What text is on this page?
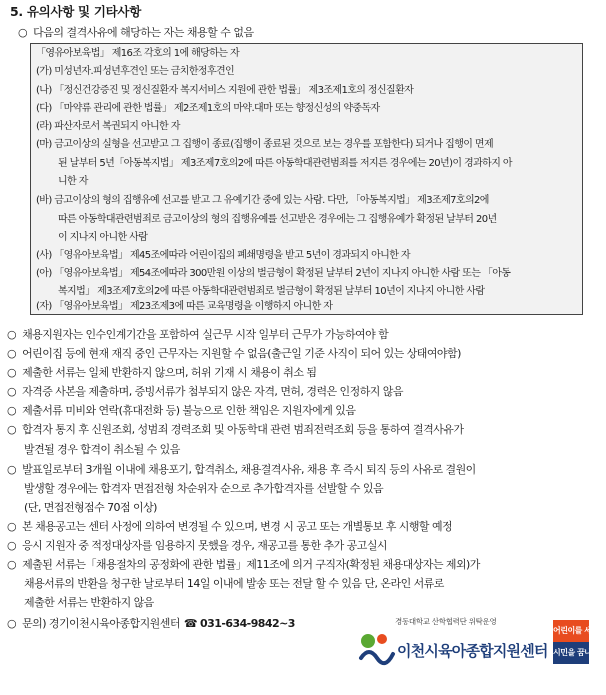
5. 유의사항 및 기타사항
○ 다음의 결격사유에 해당하는 자는 채용할 수 없음
「영유아보육법」 제16조 각호의 1에 해당하는 자
(가) 미성년자.피성년후견인 또는 금치한정후견인
(나) 「정신건강증진 및 정신질환자 복지서비스 지원에 관한 법률」 제3조제1호의 정신질환자
(다) 「마약류 관리에 관한 법률」 제2조제1호의 마약.대마 또는 향정신성의 약중독자
(라) 파산자로서 복권되지 아니한 자
(마) 금고이상의 실형을 선고받고 그 집행이 종료(집행이 종료된 것으로 보는 경우를 포함한다) 되거나 집행이 면제
된 날부터 5년「아동복지법」 제3조제7호의2에 따른 아동학대관련범죄를 저지른 경우에는 20년)이 경과하지 아
니한 자
(바) 금고이상의 형의 집행유예 선고를 받고 그 유예기간 중에 있는 사람. 다만, 「아동복지법」 제3조제7호의2에
따른 아동학대관련범죄로 금고이상의 형의 집행유예를 선고받은 경우에는 그 집행유예가 확정된 날부터 20년
이 지나지 아니한 사람
(사) 「영유아보육법」 제45조에따라 어린이집의 폐쇄명령을 받고 5년이 경과되지 아니한 자
(아) 「영유아보육법」 제54조에따라 300만원 이상의 벌금형이 확정된 날부터 2년이 지나지 아니한 사람 또는 「아동
복지법」 제3조제7호의2에 따른 아동학대관련범죄로 벌금형이 확정된 날부터 10년이 지나지 아니한 사람
(자) 「영유아보육법」 제23조제3에 따른 교육명령을 이행하지 아니한 자
○ 채용지원자는 인수인계기간을 포함하여 실근무 시작 일부터 근무가 가능하여야 함
○ 어린이집 등에 현재 재직 중인 근무자는 지원할 수 없음(출근일 기준 사직이 되어 있는 상태여야함)
○ 제출한 서류는 일체 반환하지 않으며, 허위 기재 시 채용이 취소 됨
○ 자격증 사본을 제출하며, 증빙서류가 첨부되지 않은 자격, 면허, 경력은 인정하지 않음
○ 제출서류 미비와 연락(휴대전화 등) 불능으로 인한 책임은 지원자에게 있음
○ 합격자 통지 후 신원조회, 성범죄 경력조회 및 아동학대 관련 범죄전력조회 등을 통하여 결격사유가
발견될 경우 합격이 취소될 수 있음
○ 발표일로부터 3개월 이내에 채용포기, 합격취소, 채용결격사유, 채용 후 즉시 퇴직 등의 사유로 결원이
발생할 경우에는 합격자 면접전형 차순위자 순으로 추가합격자를 선발할 수 있음
(단, 면접전형점수 70점 이상)
○ 본 채용공고는 센터 사정에 의하여 변경될 수 있으며, 변경 시 공고 또는 개별통보 후 시행할 예정
○ 응시 지원자 중 적정대상자를 임용하지 못했을 경우, 재공고를 통한 추가 공고실시
○ 제출된 서류는「채용절차의 공정화에 관한 법률」제11조에 의거 구직자(확정된 채용대상자는 제외)가
채용서류의 반환을 청구한 날로부터 14일 이내에 발송 또는 전달 할 수 있음 단, 온라인 서류로
제출한 서류는 반환하지 않음
○ 문의) 경기이천시육아종합지원센터 ☎ 031-634-9842~3	경동대학교 산학협력단 위탁운영
이천시육아종합지원센터
어린이를 세상에
시민을 꿈나게
